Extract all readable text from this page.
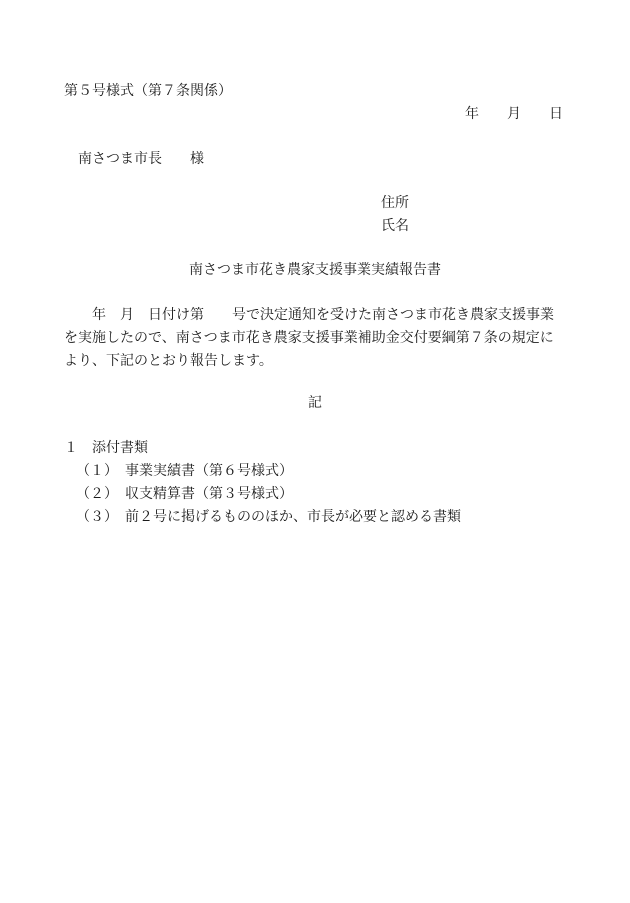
第５号様式（第７条関係）
年　　月　　日
南さつま市長　　様
住所
氏名
南さつま市花き農家支援事業実績報告書
　　年　月　日付け第　　号で決定通知を受けた南さつま市花き農家支援事業
を実施したので、南さつま市花き農家支援事業補助金交付要綱第７条の規定に
より、下記のとおり報告します。
記
１　添付書類
（１）　事業実績書（第６号様式）
（２）　収支精算書（第３号様式）
（３）　前２号に掲げるもののほか、市長が必要と認める書類
